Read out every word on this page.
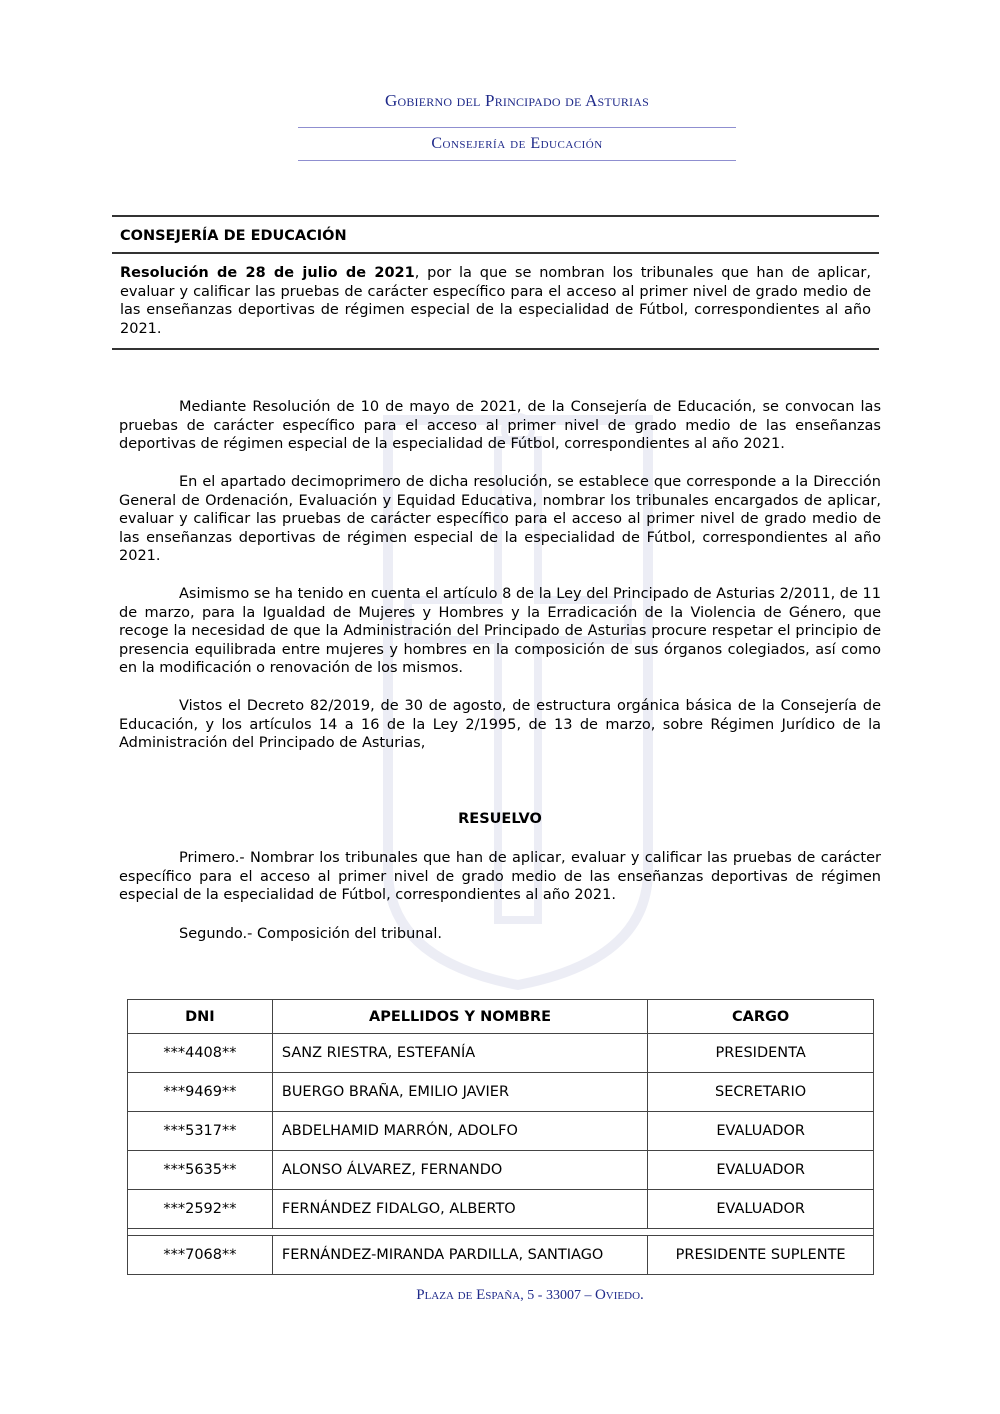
Gobierno del Principado de Asturias
Consejería de Educación
CONSEJERÍA DE EDUCACIÓN
Resolución de 28 de julio de 2021, por la que se nombran los tribunales que han de aplicar, evaluar y calificar las pruebas de carácter específico para el acceso al primer nivel de grado medio de las enseñanzas deportivas de régimen especial de la especialidad de Fútbol, correspondientes al año 2021.

Mediante Resolución de 10 de mayo de 2021, de la Consejería de Educación, se convocan las pruebas de carácter específico para el acceso al primer nivel de grado medio de las enseñanzas deportivas de régimen especial de la especialidad de Fútbol, correspondientes al año 2021.

En el apartado decimoprimero de dicha resolución, se establece que corresponde a la Dirección General de Ordenación, Evaluación y Equidad Educativa, nombrar los tribunales encargados de aplicar, evaluar y calificar las pruebas de carácter específico para el acceso al primer nivel de grado medio de las enseñanzas deportivas de régimen especial de la especialidad de Fútbol, correspondientes al año 2021.

Asimismo se ha tenido en cuenta el artículo 8 de la Ley del Principado de Asturias 2/2011, de 11 de marzo, para la Igualdad de Mujeres y Hombres y la Erradicación de la Violencia de Género, que recoge la necesidad de que la Administración del Principado de Asturias procure respetar el principio de presencia equilibrada entre mujeres y hombres en la composición de sus órganos colegiados, así como en la modificación o renovación de los mismos.

Vistos el Decreto 82/2019, de 30 de agosto, de estructura orgánica básica de la Consejería de Educación, y los artículos 14 a 16 de la Ley 2/1995, de 13 de marzo, sobre Régimen Jurídico de la Administración del Principado de Asturias,

RESUELVO

Primero.- Nombrar los tribunales que han de aplicar, evaluar y calificar las pruebas de carácter específico para el acceso al primer nivel de grado medio de las enseñanzas deportivas de régimen especial de la especialidad de Fútbol, correspondientes al año 2021.

Segundo.- Composición del tribunal.

DNI	APELLIDOS Y NOMBRE	CARGO
***4408**	SANZ RIESTRA, ESTEFANÍA	PRESIDENTA
***9469**	BUERGO BRAÑA, EMILIO JAVIER	SECRETARIO
***5317**	ABDELHAMID MARRÓN, ADOLFO	EVALUADOR
***5635**	ALONSO ÁLVAREZ, FERNANDO	EVALUADOR
***2592**	FERNÁNDEZ FIDALGO, ALBERTO	EVALUADOR

***7068**	FERNÁNDEZ-MIRANDA PARDILLA, SANTIAGO	PRESIDENTE SUPLENTE
Plaza de España, 5 - 33007 – Oviedo.
